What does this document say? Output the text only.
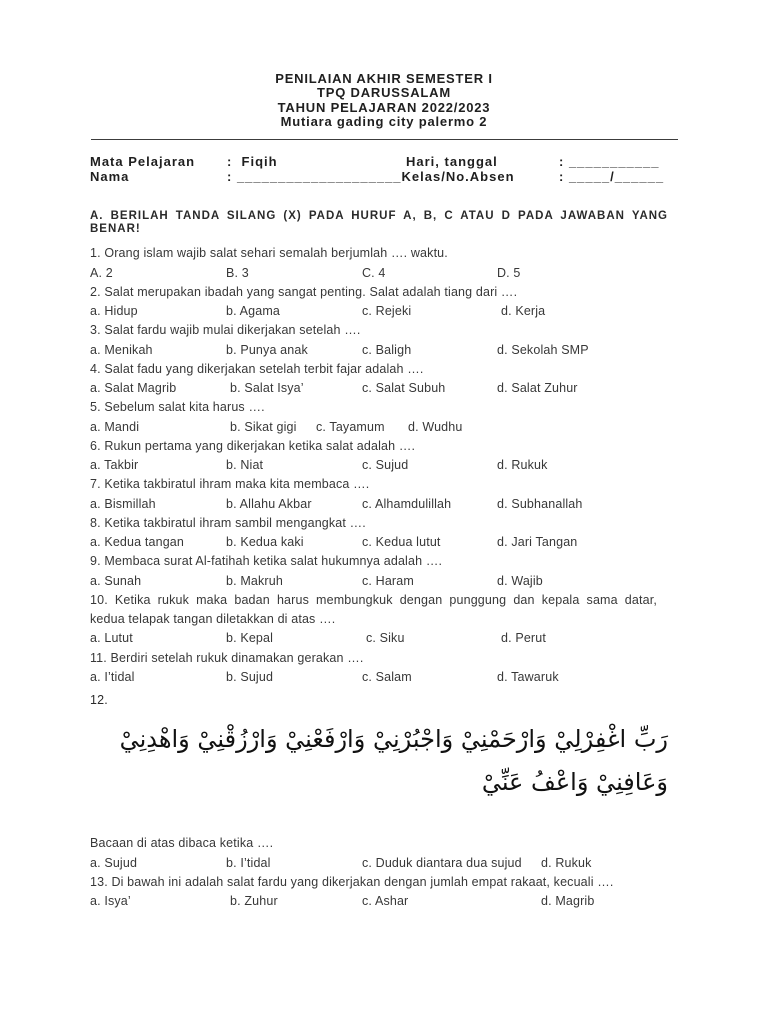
PENILAIAN AKHIR SEMESTER I
TPQ DARUSSALAM
TAHUN PELAJARAN 2022/2023
Mutiara gading city palermo 2
Mata Pelajaran :  Fiqih	Hari, tanggal	: ___________
Nama	: ____________________Kelas/No.Absen	: _____/______
A. BERILAH TANDA SILANG (X) PADA HURUF A, B, C ATAU D PADA JAWABAN YANG
BENAR!
1. Orang islam wajib salat sehari semalah berjumlah …. waktu.
A. 2	B. 3	C. 4	D. 5
2. Salat merupakan ibadah yang sangat penting. Salat adalah tiang dari ….
a. Hidup	b. Agama	c. Rejeki	d. Kerja
3. Salat fardu wajib mulai dikerjakan setelah ….
a. Menikah	b. Punya anak	c. Baligh	d. Sekolah SMP
4. Salat fadu yang dikerjakan setelah terbit fajar adalah ….
a. Salat Magrib	b. Salat Isya’	c. Salat Subuh	d. Salat Zuhur
5. Sebelum salat kita harus ….
a. Mandi	b. Sikat gigi c. Tayamum d. Wudhu
6. Rukun pertama yang dikerjakan ketika salat adalah ….
a. Takbir	b. Niat	c. Sujud	d. Rukuk
7. Ketika takbiratul ihram maka kita membaca ….
a. Bismillah	b. Allahu Akbar	c. Alhamdulillah	d. Subhanallah
8. Ketika takbiratul ihram sambil mengangkat ….
a. Kedua tangan	b. Kedua kaki	c. Kedua lutut	d. Jari Tangan
9. Membaca surat Al-fatihah ketika salat hukumnya adalah ….
a. Sunah	b. Makruh	c. Haram	d. Wajib
10. Ketika rukuk maka badan harus membungkuk dengan punggung dan kepala sama datar,
kedua telapak tangan diletakkan di atas ….
a. Lutut	b. Kepal	c. Siku	d. Perut
11. Berdiri setelah rukuk dinamakan gerakan ….
a. I’tidal	b. Sujud	c. Salam	d. Tawaruk
12.
رَبِّ اغْفِرْلِيْ وَارْحَمْنِيْ وَاجْبُرْنِيْ وَارْفَعْنِيْ وَارْزُقْنِيْ وَاهْدِنِيْ
وَعَافِنِيْ وَاعْفُ عَنِّيْ
Bacaan di atas dibaca ketika ….
a. Sujud	b. I’tidal	c. Duduk diantara dua sujud d. Rukuk
13. Di bawah ini adalah salat fardu yang dikerjakan dengan jumlah empat rakaat, kecuali ….
a. Isya’	b. Zuhur	c. Ashar	d. Magrib
